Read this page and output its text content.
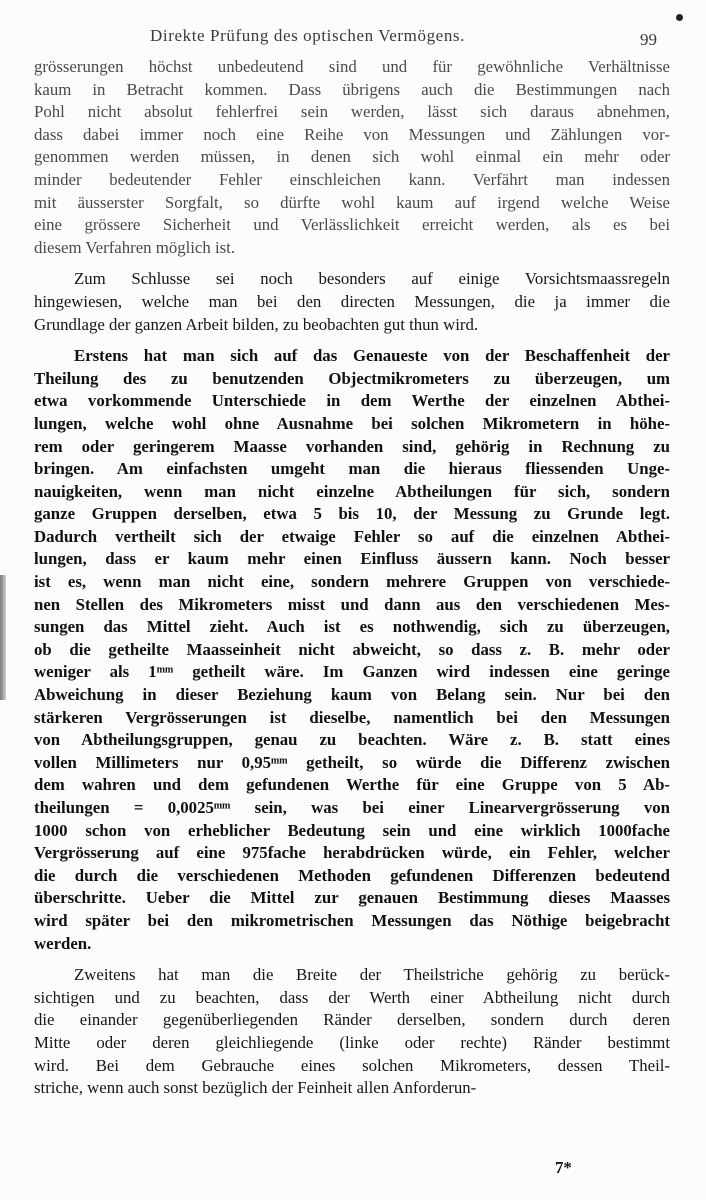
Direkte Prüfung des optischen Vermögens.	99
grösserungen höchst unbedeutend sind und für gewöhnliche Verhältnisse
kaum in Betracht kommen. Dass übrigens auch die Bestimmungen nach
Pohl nicht absolut fehlerfrei sein werden, lässt sich daraus abnehmen,
dass dabei immer noch eine Reihe von Messungen und Zählungen vor-
genommen werden müssen, in denen sich wohl einmal ein mehr oder
minder bedeutender Fehler einschleichen kann. Verfährt man indessen
mit äusserster Sorgfalt, so dürfte wohl kaum auf irgend welche Weise
eine grössere Sicherheit und Verlässlichkeit erreicht werden, als es bei
diesem Verfahren möglich ist.
Zum Schlusse sei noch besonders auf einige Vorsichtsmaassregeln
hingewiesen, welche man bei den directen Messungen, die ja immer die
Grundlage der ganzen Arbeit bilden, zu beobachten gut thun wird.
Erstens hat man sich auf das Genaueste von der Beschaffenheit der
Theilung des zu benutzenden Objectmikrometers zu überzeugen, um
etwa vorkommende Unterschiede in dem Werthe der einzelnen Abthei-
lungen, welche wohl ohne Ausnahme bei solchen Mikrometern in höhe-
rem oder geringerem Maasse vorhanden sind, gehörig in Rechnung zu
bringen. Am einfachsten umgeht man die hieraus fliessenden Unge-
nauigkeiten, wenn man nicht einzelne Abtheilungen für sich, sondern
ganze Gruppen derselben, etwa 5 bis 10, der Messung zu Grunde legt.
Dadurch vertheilt sich der etwaige Fehler so auf die einzelnen Abthei-
lungen, dass er kaum mehr einen Einfluss äussern kann. Noch besser
ist es, wenn man nicht eine, sondern mehrere Gruppen von verschiede-
nen Stellen des Mikrometers misst und dann aus den verschiedenen Mes-
sungen das Mittel zieht. Auch ist es nothwendig, sich zu überzeugen,
ob die getheilte Maasseinheit nicht abweicht, so dass z. B. mehr oder
weniger als 1ᵐᵐ getheilt wäre. Im Ganzen wird indessen eine geringe
Abweichung in dieser Beziehung kaum von Belang sein. Nur bei den
stärkeren Vergrösserungen ist dieselbe, namentlich bei den Messungen
von Abtheilungsgruppen, genau zu beachten. Wäre z. B. statt eines
vollen Millimeters nur 0,95ᵐᵐ getheilt, so würde die Differenz zwischen
dem wahren und dem gefundenen Werthe für eine Gruppe von 5 Ab-
theilungen = 0,0025ᵐᵐ sein, was bei einer Linearvergrösserung von
1000 schon von erheblicher Bedeutung sein und eine wirklich 1000fache
Vergrösserung auf eine 975fache herabdrücken würde, ein Fehler, welcher
die durch die verschiedenen Methoden gefundenen Differenzen bedeutend
überschritte. Ueber die Mittel zur genauen Bestimmung dieses Maasses
wird später bei den mikrometrischen Messungen das Nöthige beigebracht
werden.
Zweitens hat man die Breite der Theilstriche gehörig zu berück-
sichtigen und zu beachten, dass der Werth einer Abtheilung nicht durch
die einander gegenüberliegenden Ränder derselben, sondern durch deren
Mitte oder deren gleichliegende (linke oder rechte) Ränder bestimmt
wird. Bei dem Gebrauche eines solchen Mikrometers, dessen Theil-
striche, wenn auch sonst bezüglich der Feinheit allen Anforderun-
7*
